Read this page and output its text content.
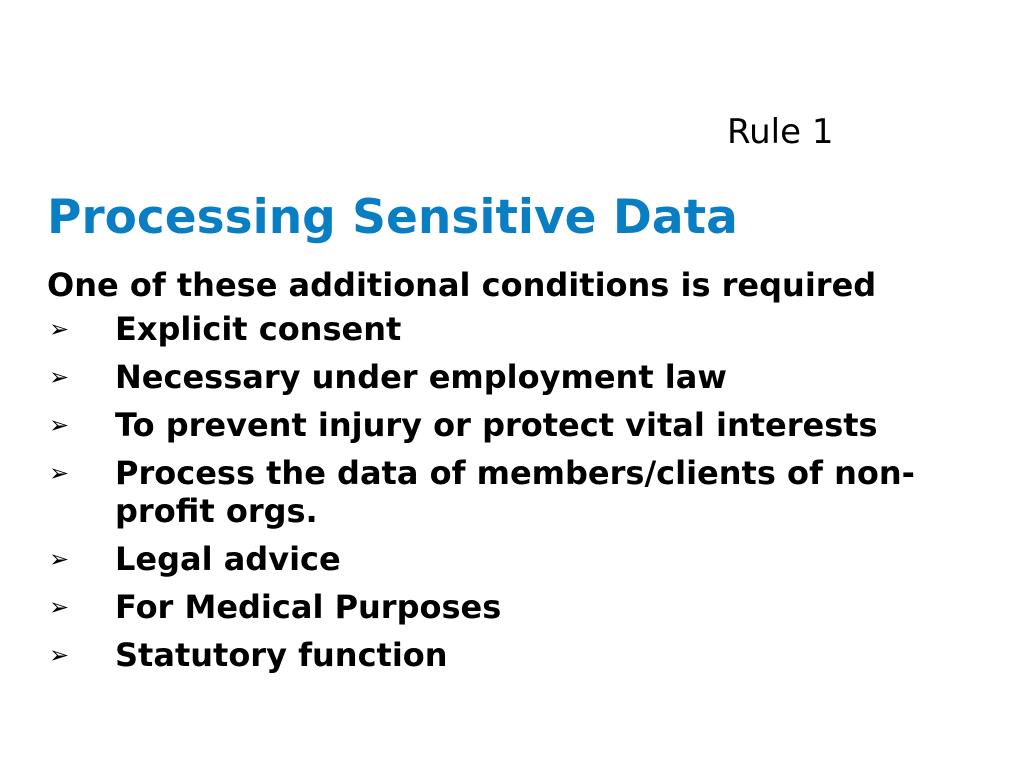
Rule 1
Processing Sensitive Data

One of these additional conditions is required

➢ Explicit consent
➢ Necessary under employment law
➢ To prevent injury or protect vital interests
➢ Process the data of members/clients of non-profit orgs.
➢ Legal advice
➢ For Medical Purposes
➢ Statutory function
